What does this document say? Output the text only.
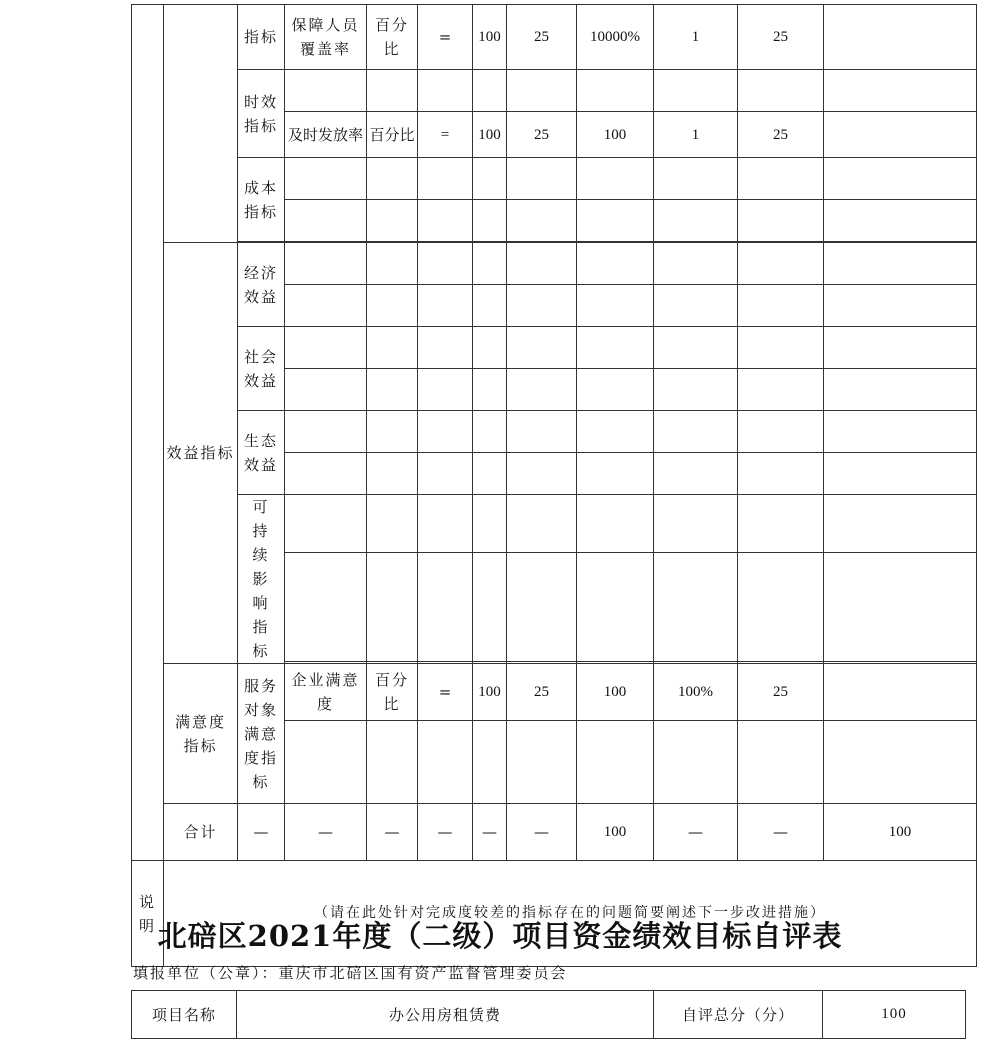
		指标	保障人员覆盖率	百分比	=	100	25	10000%	1	25		
		时效指标										
			及时发放率	百分比	=	100	25	100	1	25		
		成本指标										

	效益指标	经济效益										

		社会效益										

		生态效益										

		可持续影响指标										

	满意度指标	服务对象满意度指标	企业满意度	百分比	=	100	25	100	100%	25		

	合计	—	—	—	—	—	—	100	—	—	100	
说明	（请在此处针对完成度较差的指标存在的问题简要阐述下一步改进措施）											
北碚区2021年度（二级）项目资金绩效目标自评表
填报单位（公章）：重庆市北碚区国有资产监督管理委员会
项目名称	办公用房租赁费	自评总分（分）	100
